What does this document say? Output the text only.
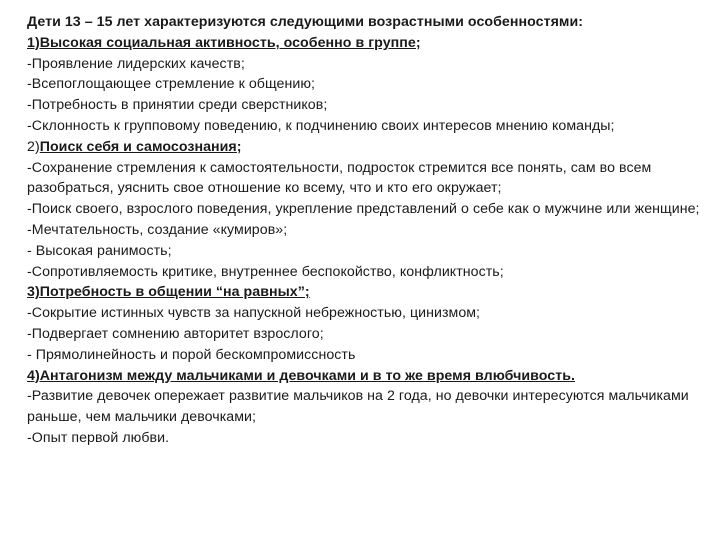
Дети 13 – 15 лет характеризуются следующими возрастными особенностями:
1)Высокая социальная активность, особенно в группе;
-Проявление лидерских качеств;
-Всепоглощающее стремление к общению;
-Потребность в принятии среди сверстников;
-Склонность к групповому поведению, к подчинению своих интересов мнению команды;
2)Поиск себя и самосознания;
-Сохранение стремления к самостоятельности, подросток стремится все понять, сам во всем разобраться, уяснить свое отношение ко всему, что и кто его окружает;
-Поиск своего, взрослого поведения, укрепление представлений о себе как о мужчине или женщине;
-Мечтательность, создание «кумиров»;
- Высокая ранимость;
-Сопротивляемость критике, внутреннее беспокойство, конфликтность;
3)Потребность в общении “на равных”;
-Сокрытие истинных чувств за напускной небрежностью, цинизмом;
-Подвергает сомнению авторитет взрослого;
- Прямолинейность и порой бескомпромиссность
4)Антагонизм между мальчиками и девочками и в то же время влюбчивость.
-Развитие девочек опережает развитие мальчиков на 2 года, но девочки интересуются мальчиками раньше, чем мальчики девочками;
-Опыт первой любви.
